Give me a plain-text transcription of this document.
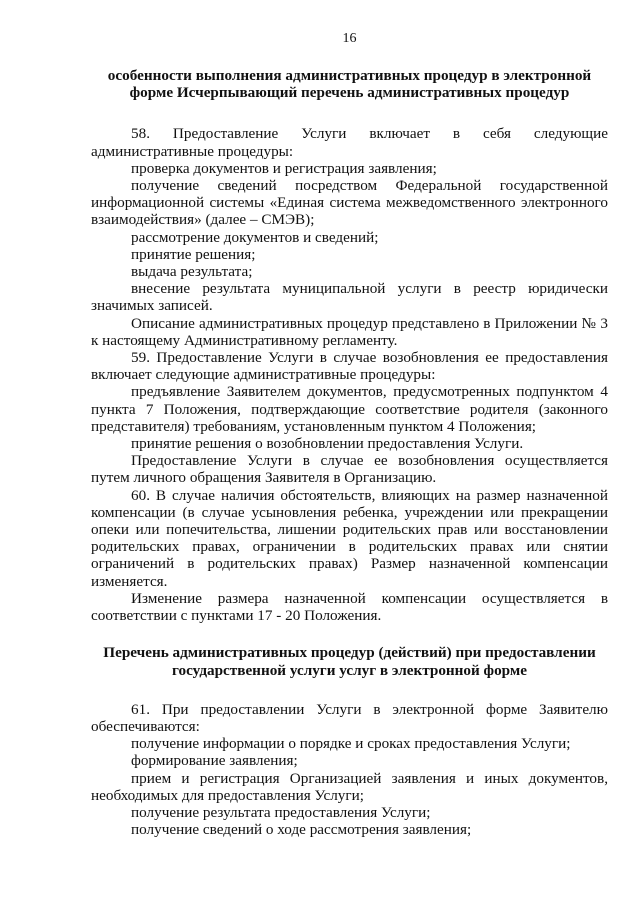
16
особенности выполнения административных процедур в электронной форме Исчерпывающий перечень административных процедур

58. Предоставление Услуги включает в себя следующие административные процедуры:

проверка документов и регистрация заявления;

получение сведений посредством Федеральной государственной информационной системы «Единая система межведомственного электронного взаимодействия» (далее – СМЭВ);

рассмотрение документов и сведений;

принятие решения;

выдача результата;

внесение результата муниципальной услуги в реестр юридически значимых записей.

Описание административных процедур представлено в Приложении № 3 к настоящему Административному регламенту.

59. Предоставление Услуги в случае возобновления ее предоставления включает следующие административные процедуры:

предъявление Заявителем документов, предусмотренных подпунктом 4 пункта 7 Положения, подтверждающие соответствие родителя (законного представителя) требованиям, установленным пунктом 4 Положения;

принятие решения о возобновлении предоставления Услуги.

Предоставление Услуги в случае ее возобновления осуществляется путем личного обращения Заявителя в Организацию.

60. В случае наличия обстоятельств, влияющих на размер назначенной компенсации (в случае усыновления ребенка, учреждении или прекращении опеки или попечительства, лишении родительских прав или восстановлении родительских правах, ограничении в родительских правах или снятии ограничений в родительских правах) Размер назначенной компенсации изменяется.

Изменение размера назначенной компенсации осуществляется в соответствии с пунктами 17 - 20 Положения.

Перечень административных процедур (действий) при предоставлении государственной услуги услуг в электронной форме

61. При предоставлении Услуги в электронной форме Заявителю обеспечиваются:

получение информации о порядке и сроках предоставления Услуги;

формирование заявления;

прием и регистрация Организацией заявления и иных документов, необходимых для предоставления Услуги;

получение результата предоставления Услуги;

получение сведений о ходе рассмотрения заявления;
